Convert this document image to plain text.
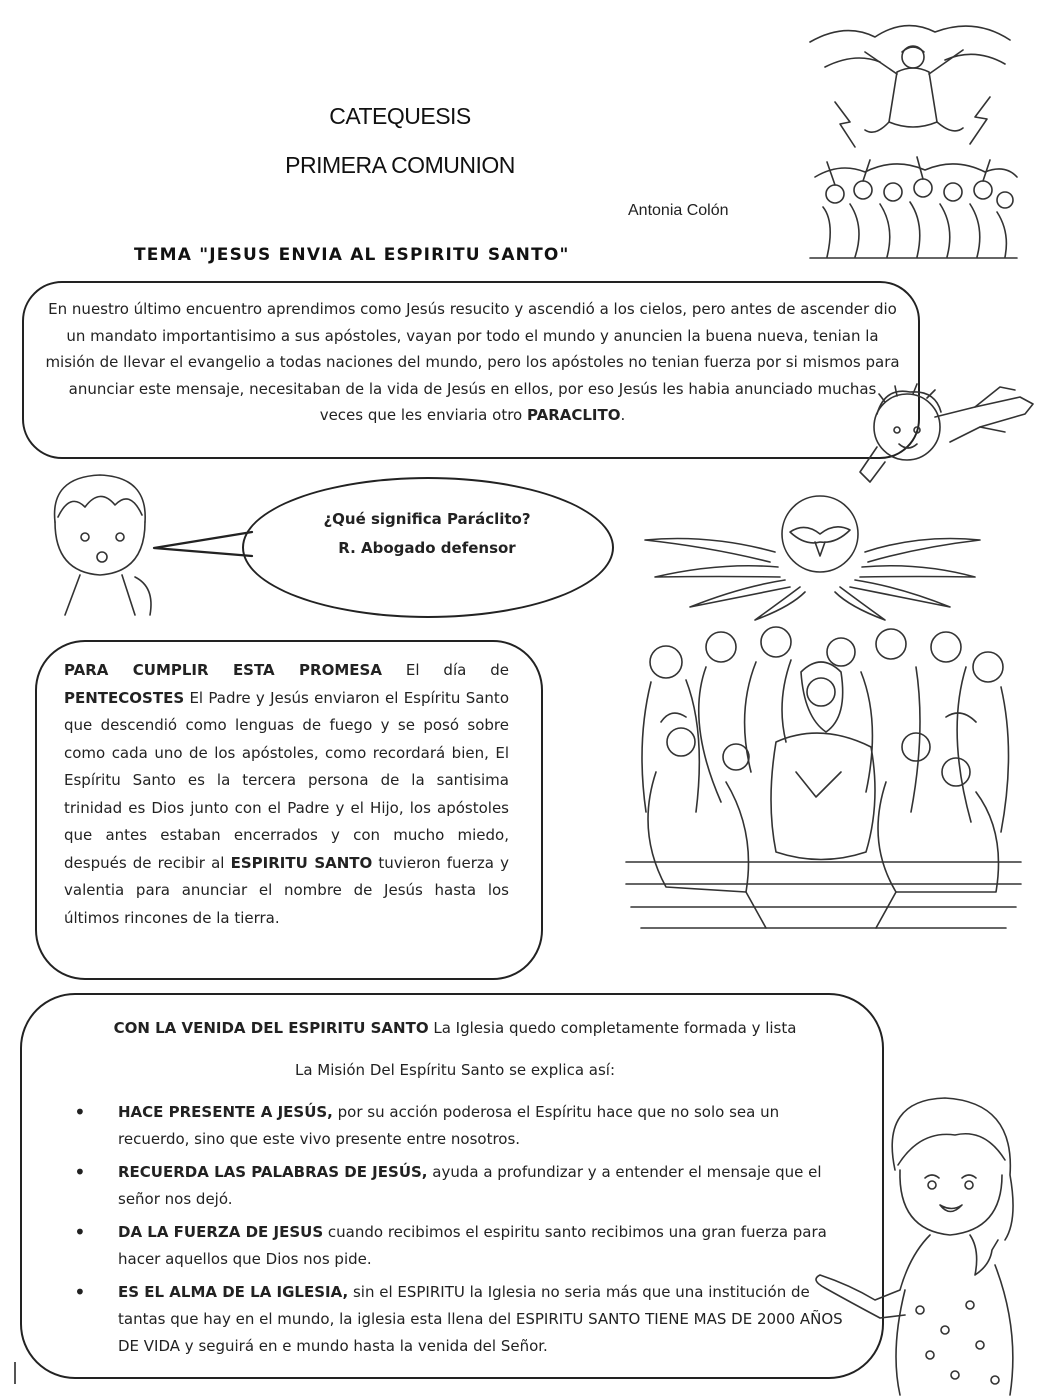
CATEQUESIS
PRIMERA COMUNION
Antonia Colón
TEMA "JESUS ENVIA AL ESPIRITU SANTO"
En nuestro último encuentro aprendimos como Jesús resucito y ascendió a los cielos, pero antes de ascender dio un mandato importantisimo a sus apóstoles, vayan por todo el mundo y anuncien la buena nueva, tenian la misión de llevar el evangelio a todas naciones del mundo, pero los apóstoles no tenian fuerza por si mismos para anunciar este mensaje, necesitaban de la vida de Jesús en ellos, por eso Jesús les habia anunciado muchas veces que les enviaria otro PARACLITO.
¿Qué significa Paráclito?
R. Abogado defensor
PARA CUMPLIR ESTA PROMESA El día de PENTECOSTES El Padre y Jesús enviaron el Espíritu Santo que descendió como lenguas de fuego y se posó sobre como cada uno de los apóstoles, como recordará bien, El Espíritu Santo es la tercera persona de la santisima trinidad es Dios junto con el Padre y el Hijo, los apóstoles que antes estaban encerrados y con mucho miedo, después de recibir al ESPIRITU SANTO tuvieron fuerza y valentia para anunciar el nombre de Jesús hasta los últimos rincones de la tierra.
CON LA VENIDA DEL ESPIRITU SANTO La Iglesia quedo completamente formada y lista
La Misión Del Espíritu Santo se explica así:
• HACE PRESENTE A JESÚS, por su acción poderosa el Espíritu hace que no solo sea un recuerdo, sino que este vivo presente entre nosotros.
• RECUERDA LAS PALABRAS DE JESÚS, ayuda a profundizar y a entender el mensaje que el señor nos dejó.
• DA LA FUERZA DE JESUS cuando recibimos el espiritu santo recibimos una gran fuerza para hacer aquellos que Dios nos pide.
• ES EL ALMA DE LA IGLESIA, sin el ESPIRITU la Iglesia no seria más que una institución de tantas que hay en el mundo, la iglesia esta llena del ESPIRITU SANTO TIENE MAS DE 2000 AÑOS DE VIDA y seguirá en e mundo hasta la venida del Señor.
